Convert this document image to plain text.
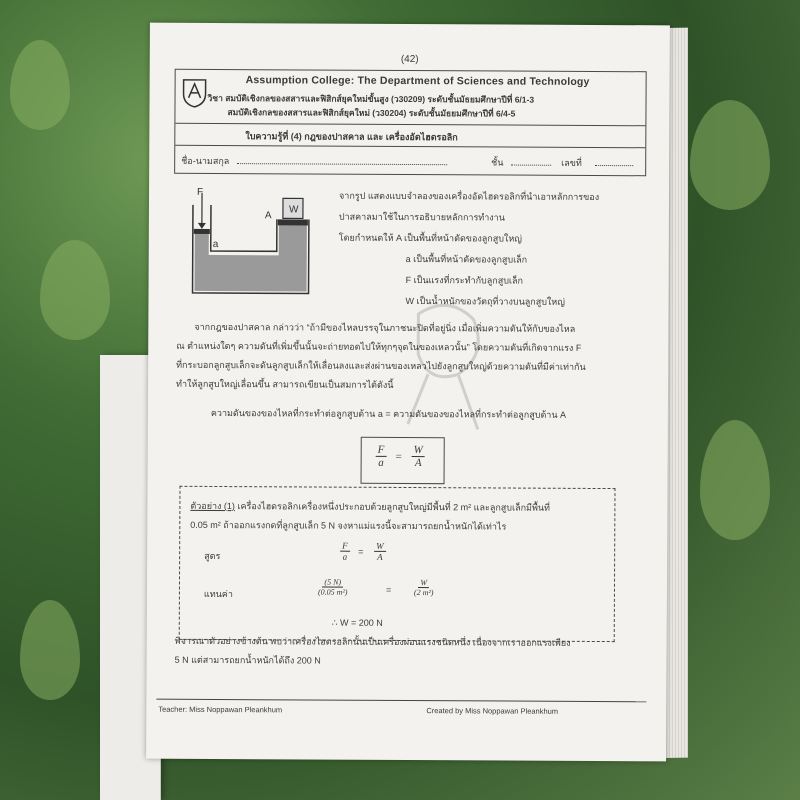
(42)
Assumption College: The Department of Sciences and Technology
วิชา สมบัติเชิงกลของสสารและฟิสิกส์ยุคใหม่ขั้นสูง (ว30209) ระดับชั้นมัธยมศึกษาปีที่ 6/1-3
สมบัติเชิงกลของสสารและฟิสิกส์ยุคใหม่ (ว30204) ระดับชั้นมัธยมศึกษาปีที่ 6/4-5
ใบความรู้ที่ (4) กฎของปาสคาล และ เครื่องอัดไฮดรอลิก
ชื่อ-นามสกุล	ชั้น	เลขที่
F
W
A
a
จากรูป แสดงแบบจำลองของเครื่องอัดไฮดรอลิกที่นำเอาหลักการของ
ปาสคาลมาใช้ในการอธิบายหลักการทำงาน
โดยกำหนดให้ A เป็นพื้นที่หน้าตัดของลูกสูบใหญ่
a เป็นพื้นที่หน้าตัดของลูกสูบเล็ก
F เป็นแรงที่กระทำกับลูกสูบเล็ก
W เป็นน้ำหนักของวัตถุที่วางบนลูกสูบใหญ่
จากกฎของปาสคาล กล่าวว่า “ถ้ามีของไหลบรรจุในภาชนะปิดที่อยู่นิ่ง เมื่อเพิ่มความดันให้กับของไหล
ณ ตำแหน่งใดๆ ความดันที่เพิ่มขึ้นนั้นจะถ่ายทอดไปให้ทุกๆจุดในของเหลวนั้น” โดยความดันที่เกิดจากแรง F
ที่กระบอกลูกสูบเล็กจะดันลูกสูบเล็กให้เลื่อนลงและส่งผ่านของเหลวไปยังลูกสูบใหญ่ด้วยความดันที่มีค่าเท่ากัน
ทำให้ลูกสูบใหญ่เลื่อนขึ้น สามารถเขียนเป็นสมการได้ดังนี้
ความดันของของไหลที่กระทำต่อลูกสูบด้าน a = ความดันของของไหลที่กระทำต่อลูกสูบด้าน A
$\frac{F}{a} = \frac{W}{A}$
ตัวอย่าง (1) เครื่องไฮดรอลิกเครื่องหนึ่งประกอบด้วยลูกสูบใหญ่มีพื้นที่ 2 m² และลูกสูบเล็กมีพื้นที่
0.05 m² ถ้าออกแรงกดที่ลูกสูบเล็ก 5 N จงหาแม่แรงนี้จะสามารถยกน้ำหนักได้เท่าไร
สูตร	$\frac{F}{a} = \frac{W}{A}$
แทนค่า	$\frac{(5 N)}{\text{(0.05 m²)}}$	=	$\frac{W}{\text{(2 m²)}}$
∴ W = 200 N
พิจารณาตัวอย่างข้างต้น พบว่าเครื่องไฮดรอลิกนั้นเป็นเครื่องผ่อนแรงชนิดหนึ่ง เนื่องจากเราออกแรงเพียง
5 N แต่สามารถยกน้ำหนักได้ถึง 200 N
Teacher: Miss Noppawan Pleankhum	Created by Miss Noppawan Pleankhum
